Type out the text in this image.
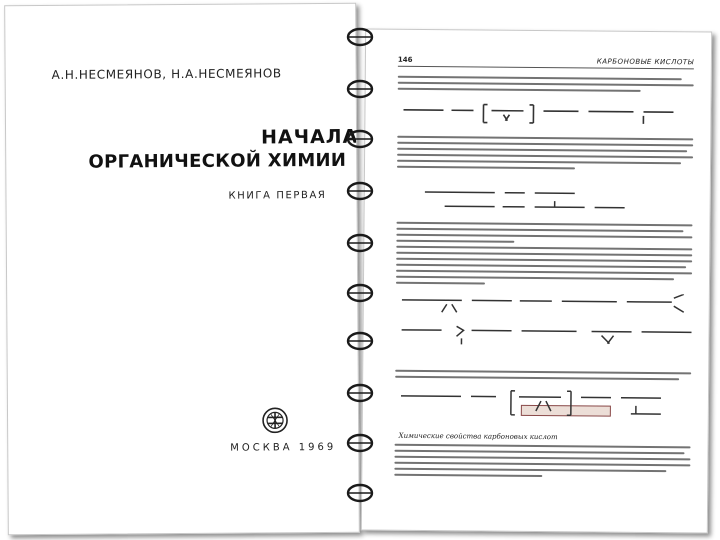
А.Н.НЕСМЕЯНОВ, Н.А.НЕСМЕЯНОВ
НАЧАЛА
ОРГАНИЧЕСКОЙ ХИМИИ
КНИГА ПЕРВАЯ
МОСКВА 1969
146	КАРБОНОВЫЕ КИСЛОТЫ
Химические свойства карбоновых кислот
